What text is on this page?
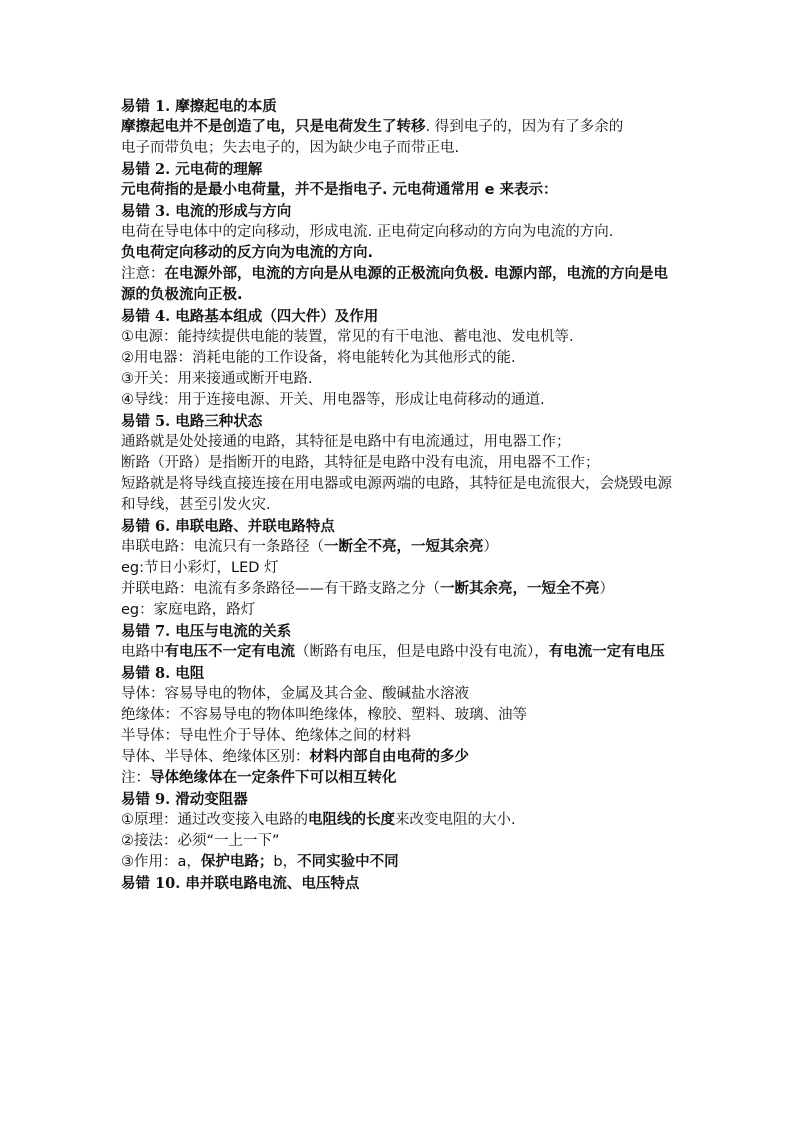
易错 1. 摩擦起电的本质
摩擦起电并不是创造了电，只是电荷发生了转移. 得到电子的，因为有了多余的
电子而带负电；失去电子的，因为缺少电子而带正电.
易错 2. 元电荷的理解
元电荷指的是最小电荷量，并不是指电子. 元电荷通常用 e 来表示：
易错 3. 电流的形成与方向
电荷在导电体中的定向移动，形成电流. 正电荷定向移动的方向为电流的方向.
负电荷定向移动的反方向为电流的方向.
注意：在电源外部，电流的方向是从电源的正极流向负极. 电源内部，电流的方向是电源的负极流向正极.
易错 4. 电路基本组成（四大件）及作用
①电源：能持续提供电能的装置，常见的有干电池、蓄电池、发电机等.
②用电器：消耗电能的工作设备，将电能转化为其他形式的能.
③开关：用来接通或断开电路.
④导线：用于连接电源、开关、用电器等，形成让电荷移动的通道.
易错 5. 电路三种状态
通路就是处处接通的电路，其特征是电路中有电流通过，用电器工作；
断路（开路）是指断开的电路，其特征是电路中没有电流，用电器不工作；
短路就是将导线直接连接在用电器或电源两端的电路，其特征是电流很大，会烧毁电源和导线，甚至引发火灾.
易错 6. 串联电路、并联电路特点
串联电路：电流只有一条路径（一断全不亮，一短其余亮）
eg:节日小彩灯，LED 灯
并联电路：电流有多条路径——有干路支路之分（一断其余亮，一短全不亮）
eg：家庭电路，路灯
易错 7. 电压与电流的关系
电路中有电压不一定有电流（断路有电压，但是电路中没有电流），有电流一定有电压
易错 8. 电阻
导体：容易导电的物体，金属及其合金、酸碱盐水溶液
绝缘体：不容易导电的物体叫绝缘体，橡胶、塑料、玻璃、油等
半导体：导电性介于导体、绝缘体之间的材料
导体、半导体、绝缘体区别：材料内部自由电荷的多少
注：导体绝缘体在一定条件下可以相互转化
易错 9. 滑动变阻器
①原理：通过改变接入电路的电阻线的长度来改变电阻的大小.
②接法：必须“一上一下”
③作用：a，保护电路；b，不同实验中不同
易错 10. 串并联电路电流、电压特点
